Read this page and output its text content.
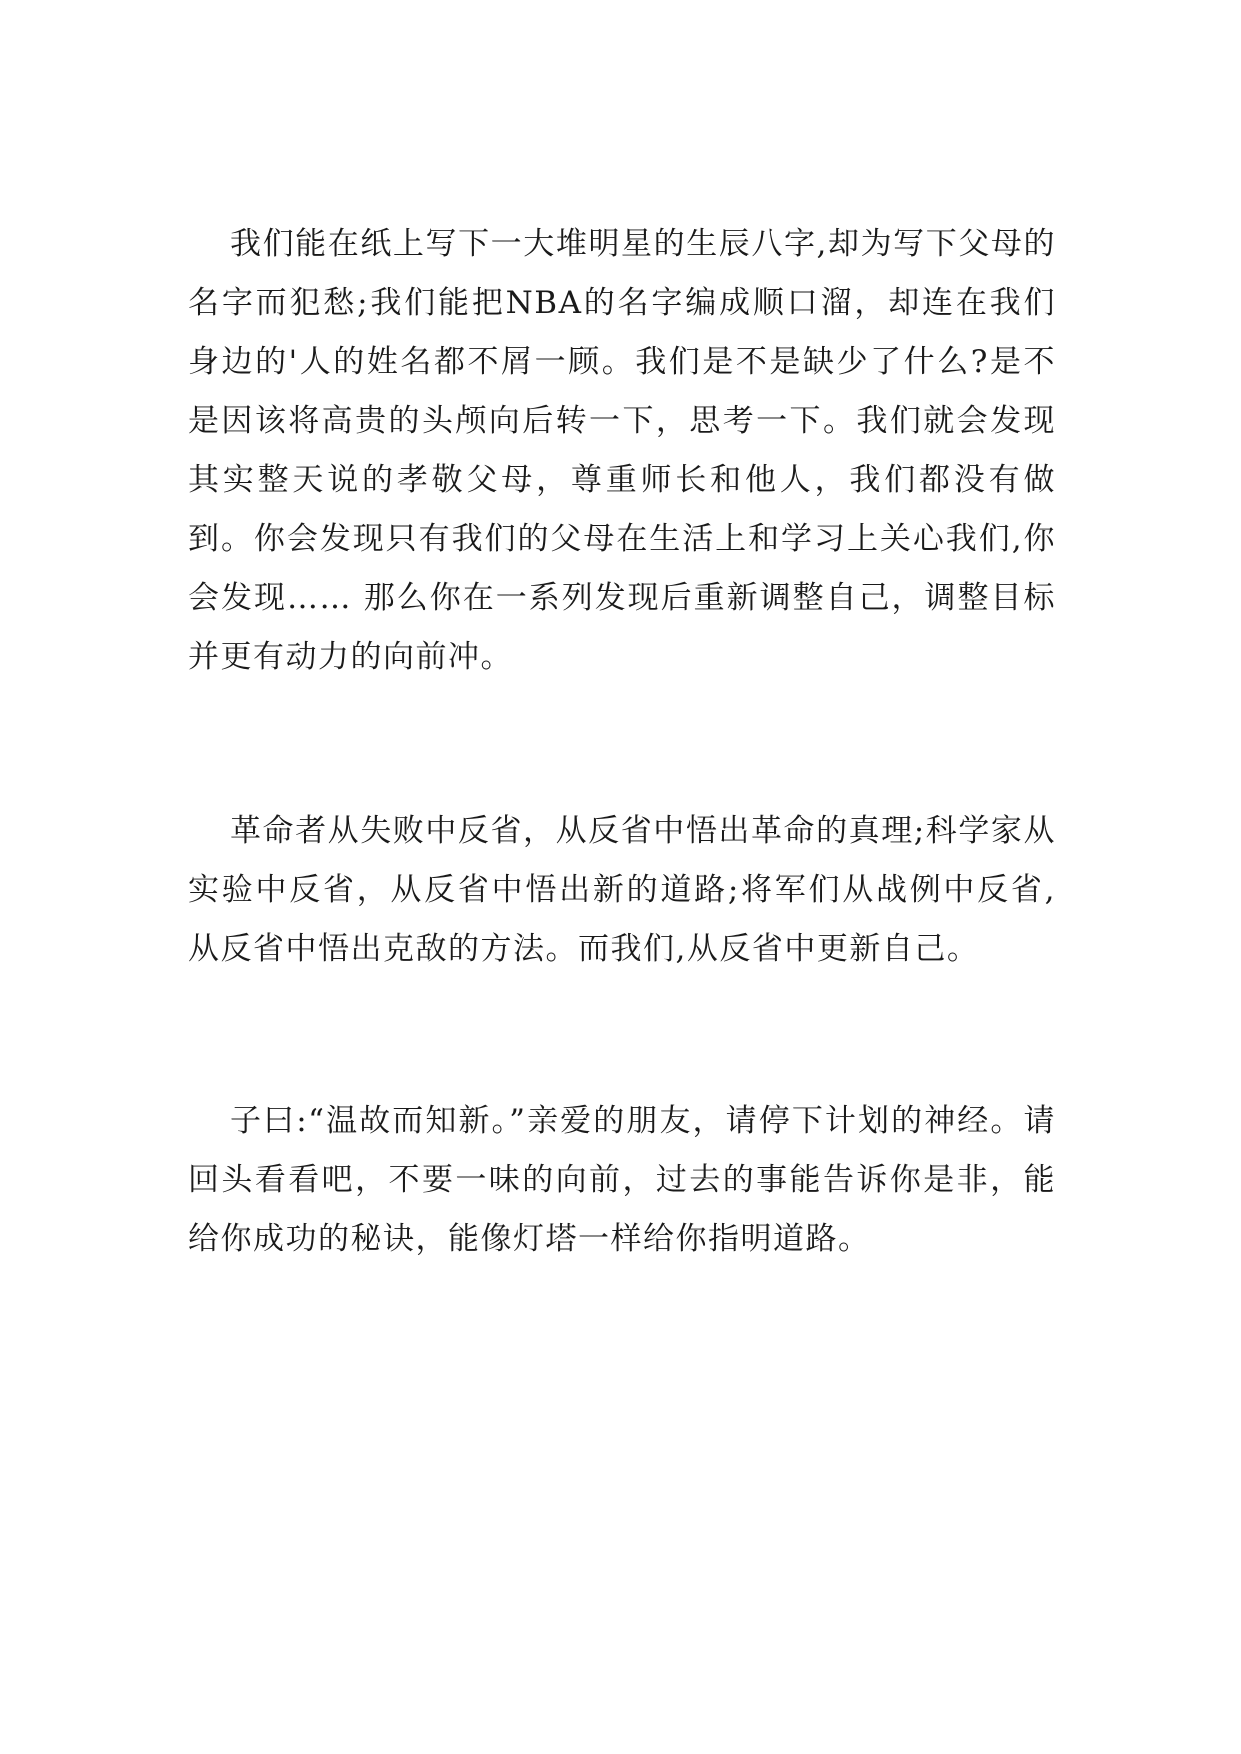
我们能在纸上写下一大堆明星的生辰八字,却为写下父母的名字而犯愁;我们能把NBA的名字编成顺口溜，却连在我们身边的'人的姓名都不屑一顾。我们是不是缺少了什么?是不是因该将高贵的头颅向后转一下，思考一下。我们就会发现其实整天说的孝敬父母，尊重师长和他人，我们都没有做到。你会发现只有我们的父母在生活上和学习上关心我们,你会发现…… 那么你在一系列发现后重新调整自己，调整目标并更有动力的向前冲。

革命者从失败中反省，从反省中悟出革命的真理;科学家从实验中反省，从反省中悟出新的道路;将军们从战例中反省,从反省中悟出克敌的方法。而我们,从反省中更新自己。

子曰:“温故而知新。”亲爱的朋友，请停下计划的神经。请回头看看吧，不要一味的向前，过去的事能告诉你是非，能给你成功的秘诀，能像灯塔一样给你指明道路。
